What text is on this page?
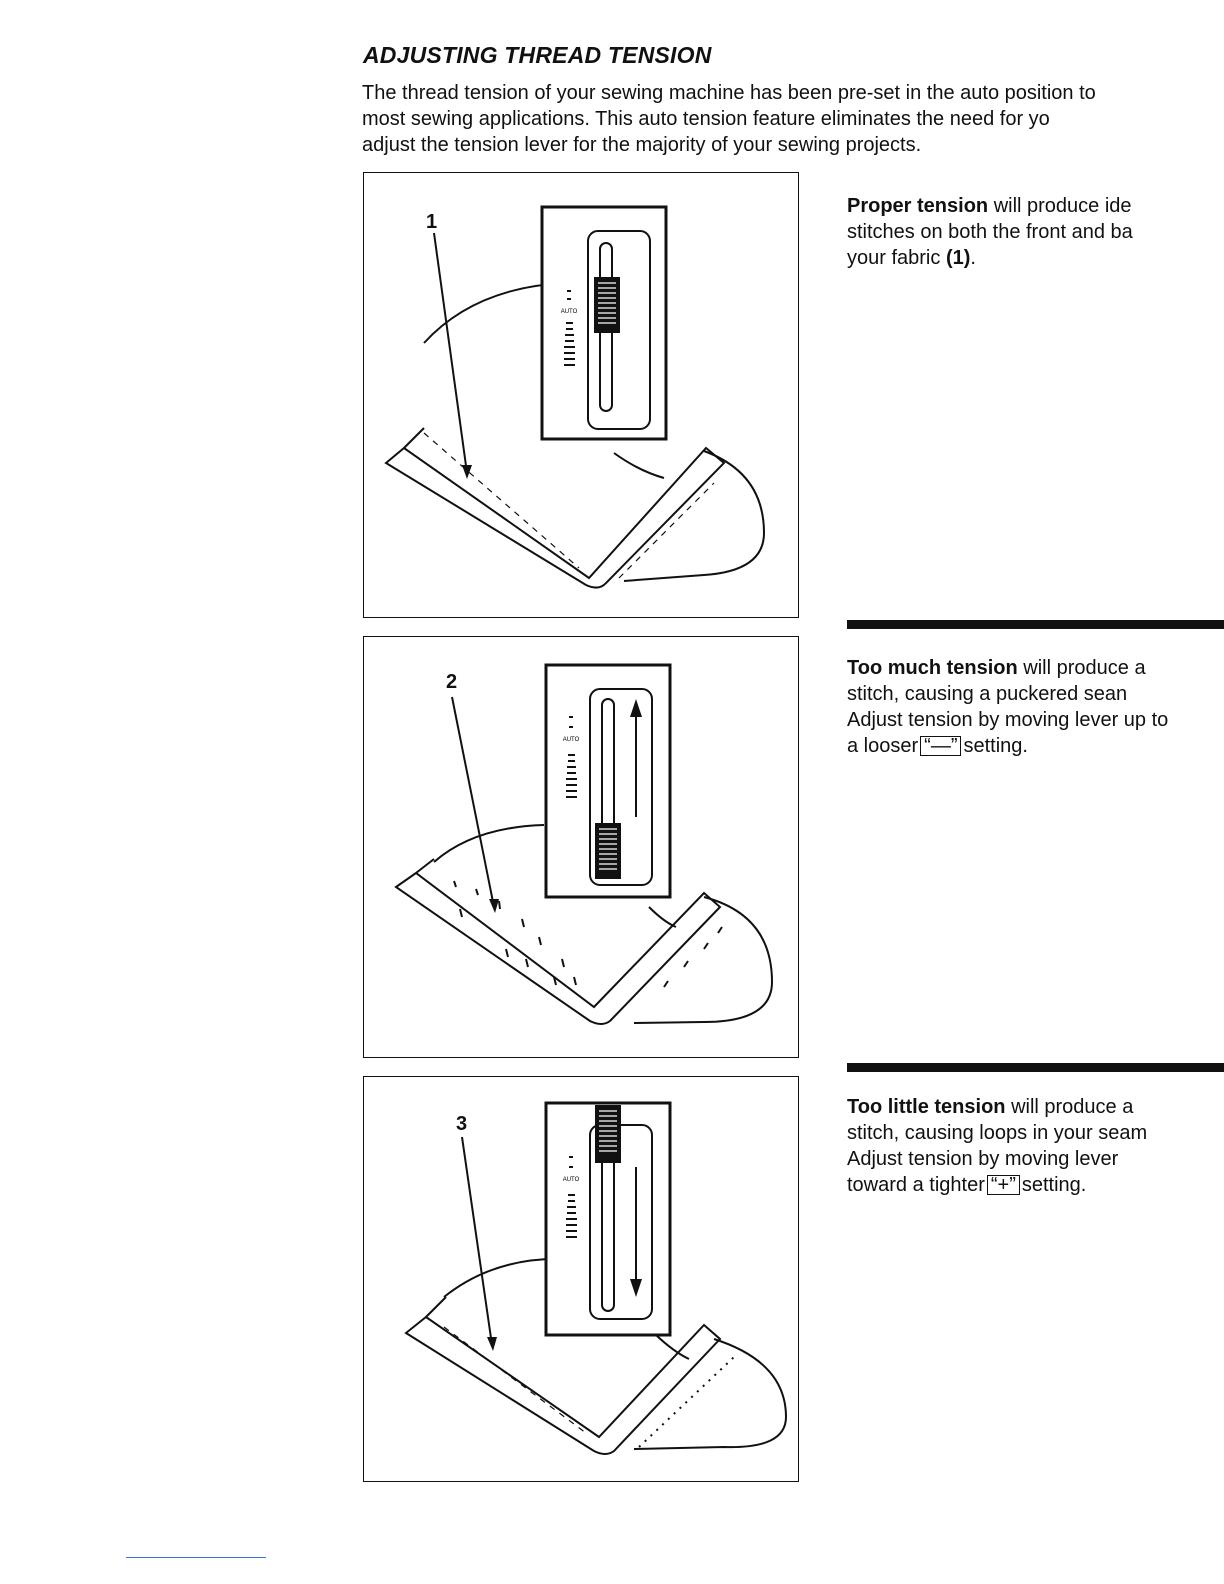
ADJUSTING THREAD TENSION
The thread tension of your sewing machine has been pre-set in the auto position to
most sewing applications. This auto tension feature eliminates the need for yo
adjust the tension lever for the majority of your sewing projects.
AUTO
1
AUTO
2
AUTO
3
Proper tension will produce ide
stitches on both the front and ba
your fabric (1).
Too much tension will produce a
stitch, causing a puckered sean
Adjust tension by moving lever up to
a looser “—” setting.
Too little tension will produce a
stitch, causing loops in your seam
Adjust tension by moving lever
toward a tighter “+” setting.
